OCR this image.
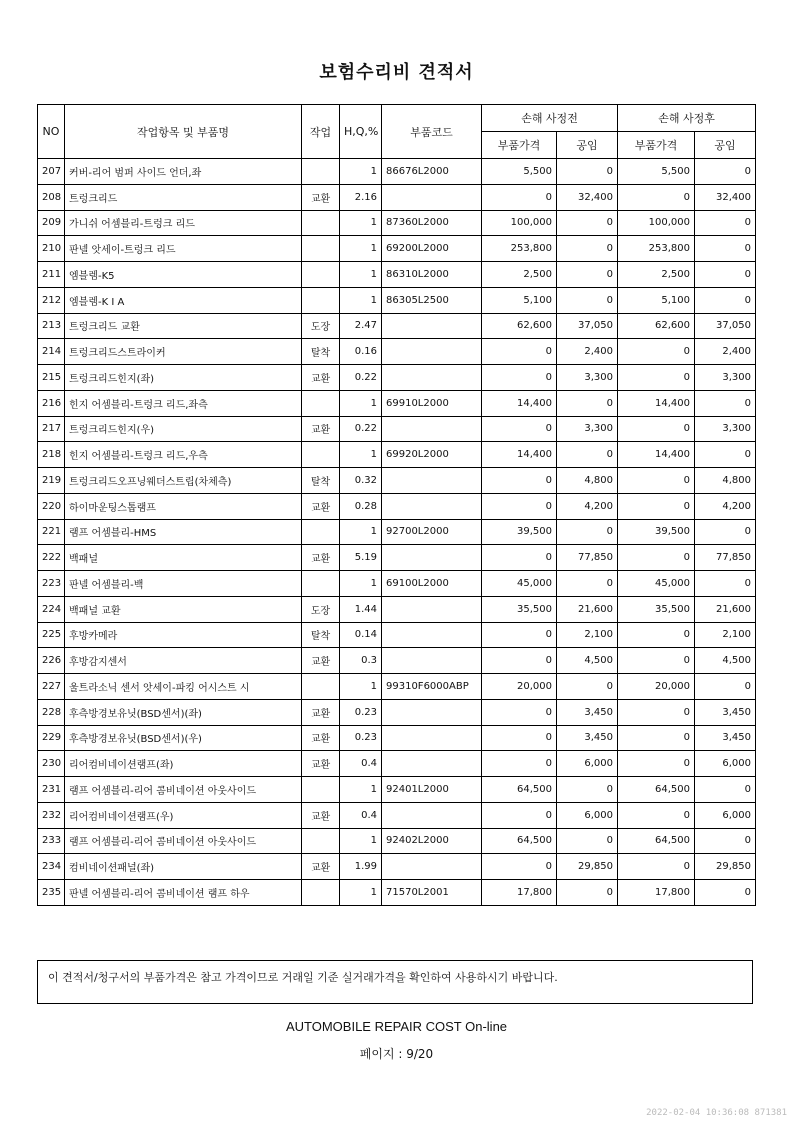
보험수리비 견적서
NO	작업항목 및 부품명	작업	H,Q,%	부품코드	손해 사정전		손해 사정후	
					부품가격	공임	부품가격	공임
207	커버-리어 범퍼 사이드 언더,좌		1	86676L2000	5,500	0	5,500	0
208	트렁크리드	교환	2.16		0	32,400	0	32,400
209	가니쉬 어셈블리-트렁크 리드		1	87360L2000	100,000	0	100,000	0
210	판넬 앗세이-트렁크 리드		1	69200L2000	253,800	0	253,800	0
211	엠블렘-K5		1	86310L2000	2,500	0	2,500	0
212	엠블렘-K I A		1	86305L2500	5,100	0	5,100	0
213	트렁크리드 교환	도장	2.47		62,600	37,050	62,600	37,050
214	트렁크리드스트라이커	탈착	0.16		0	2,400	0	2,400
215	트렁크리드힌지(좌)	교환	0.22		0	3,300	0	3,300
216	힌지 어셈블리-트렁크 리드,좌측		1	69910L2000	14,400	0	14,400	0
217	트렁크리드힌지(우)	교환	0.22		0	3,300	0	3,300
218	힌지 어셈블리-트렁크 리드,우측		1	69920L2000	14,400	0	14,400	0
219	트렁크리드오프닝웨더스트립(차체측)	탈착	0.32		0	4,800	0	4,800
220	하이마운팅스톱램프	교환	0.28		0	4,200	0	4,200
221	램프 어셈블리-HMS		1	92700L2000	39,500	0	39,500	0
222	백패널	교환	5.19		0	77,850	0	77,850
223	판넬 어셈블리-백		1	69100L2000	45,000	0	45,000	0
224	백패널 교환	도장	1.44		35,500	21,600	35,500	21,600
225	후방카메라	탈착	0.14		0	2,100	0	2,100
226	후방감지센서	교환	0.3		0	4,500	0	4,500
227	울트라소닉 센서 앗세이-파킹 어시스트 시		1	99310F6000ABP	20,000	0	20,000	0
228	후측방경보유닛(BSD센서)(좌)	교환	0.23		0	3,450	0	3,450
229	후측방경보유닛(BSD센서)(우)	교환	0.23		0	3,450	0	3,450
230	리어컴비네이션램프(좌)	교환	0.4		0	6,000	0	6,000
231	램프 어셈블리-리어 콤비네이션 아웃사이드		1	92401L2000	64,500	0	64,500	0
232	리어컴비네이션램프(우)	교환	0.4		0	6,000	0	6,000
233	램프 어셈블리-리어 콤비네이션 아웃사이드		1	92402L2000	64,500	0	64,500	0
234	컴비네이션패널(좌)	교환	1.99		0	29,850	0	29,850
235	판넬 어셈블리-리어 콤비네이션 램프 하우		1	71570L2001	17,800	0	17,800	0
이 견적서/청구서의 부품가격은 참고 가격이므로 거래일 기준 실거래가격을 확인하여 사용하시기 바랍니다.
AUTOMOBILE REPAIR COST On-line
페이지 : 9/20
2022-02-04 10:36:08 871381
